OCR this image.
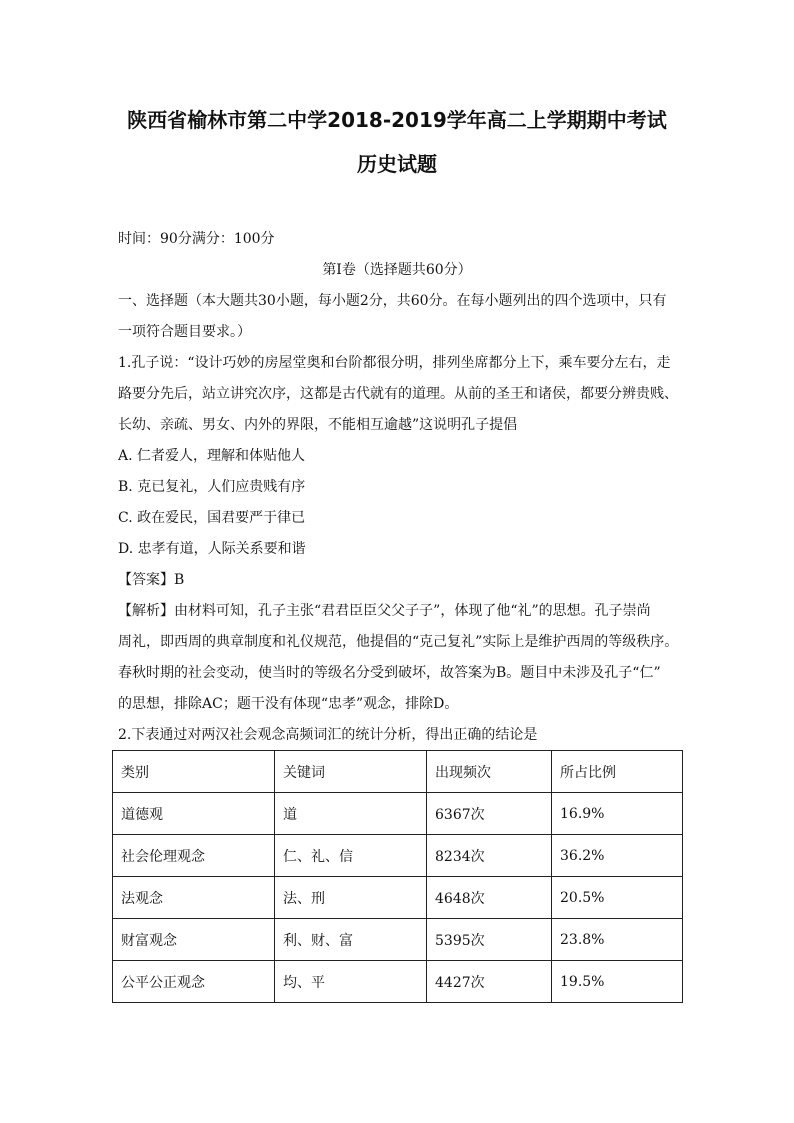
陕西省榆林市第二中学2018-2019学年高二上学期期中考试
历史试题
时间：90分满分：100分
第Ⅰ卷（选择题共60分）
一、选择题（本大题共30小题，每小题2分，共60分。在每小题列出的四个选项中，只有
一项符合题目要求。）
1.孔子说：“设计巧妙的房屋堂奥和台阶都很分明，排列坐席都分上下，乘车要分左右，走
路要分先后，站立讲究次序，这都是古代就有的道理。从前的圣王和诸侯，都要分辨贵贱、
长幼、亲疏、男女、内外的界限，不能相互逾越”这说明孔子提倡
A. 仁者爱人，理解和体贴他人
B. 克已复礼，人们应贵贱有序
C. 政在爱民，国君要严于律已
D. 忠孝有道，人际关系要和谐
【答案】B
【解析】由材料可知，孔子主张“君君臣臣父父子子”，体现了他“礼”的思想。孔子崇尚
周礼，即西周的典章制度和礼仪规范，他提倡的“克己复礼”实际上是维护西周的等级秩序。
春秋时期的社会变动，使当时的等级名分受到破坏，故答案为B。题目中未涉及孔子“仁”
的思想，排除AC；题干没有体现“忠孝”观念，排除D。
2.下表通过对两汉社会观念高频词汇的统计分析，得出正确的结论是
类别	关键词	出现频次	所占比例
道德观	道	6367次	16.9%
社会伦理观念	仁、礼、信	8234次	36.2%
法观念	法、刑	4648次	20.5%
财富观念	利、财、富	5395次	23.8%
公平公正观念	均、平	4427次	19.5%
